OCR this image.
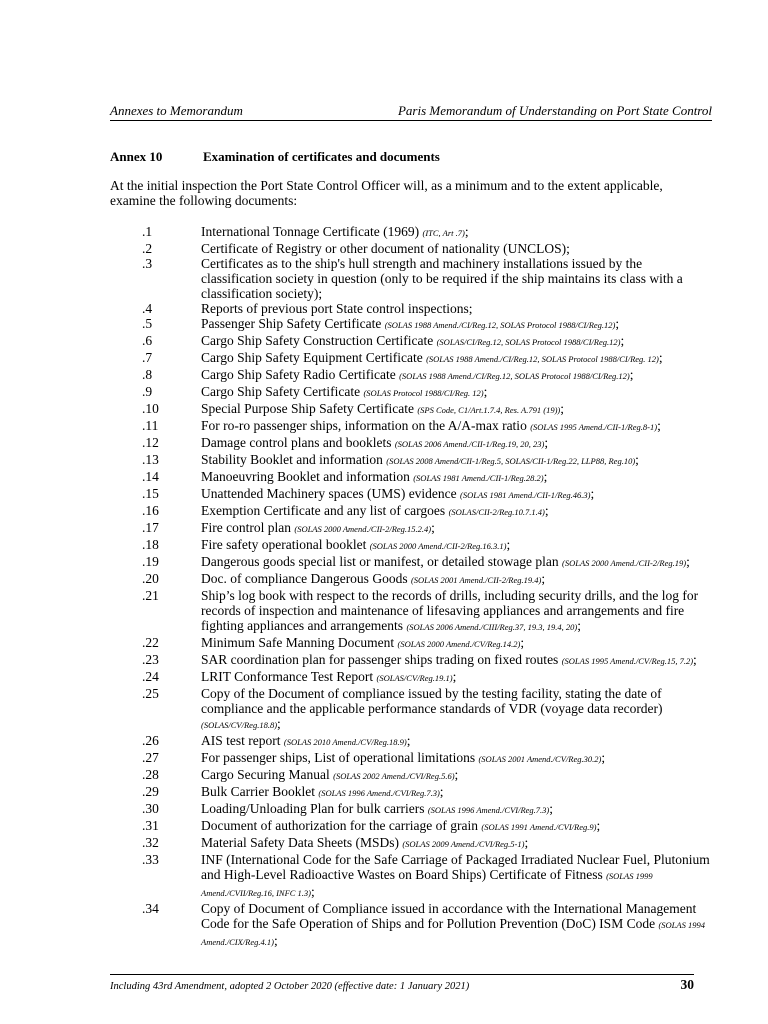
Annexes to Memorandum	Paris Memorandum of Understanding on Port State Control
Annex 10	Examination of certificates and documents
At the initial inspection the Port State Control Officer will, as a minimum and to the extent applicable, examine the following documents:
.1	International Tonnage Certificate (1969) (ITC, Art .7);
.2	Certificate of Registry or other document of nationality (UNCLOS);
.3	Certificates as to the ship's hull strength and machinery installations issued by the classification society in question (only to be required if the ship maintains its class with a classification society);
.4	Reports of previous port State control inspections;
.5	Passenger Ship Safety Certificate (SOLAS 1988 Amend./CI/Reg.12, SOLAS Protocol 1988/CI/Reg.12);
.6	Cargo Ship Safety Construction Certificate (SOLAS/CI/Reg.12, SOLAS Protocol 1988/CI/Reg.12);
.7	Cargo Ship Safety Equipment Certificate (SOLAS 1988 Amend./CI/Reg.12, SOLAS Protocol 1988/CI/Reg. 12);
.8	Cargo Ship Safety Radio Certificate (SOLAS 1988 Amend./CI/Reg.12, SOLAS Protocol 1988/CI/Reg.12);
.9	Cargo Ship Safety Certificate (SOLAS Protocol 1988/CI/Reg. 12);
.10	Special Purpose Ship Safety Certificate (SPS Code, C1/Art.1.7.4, Res. A.791 (19));
.11	For ro-ro passenger ships, information on the A/A-max ratio (SOLAS 1995 Amend./CII-1/Reg.8-1);
.12	Damage control plans and booklets (SOLAS 2006 Amend./CII-1/Reg.19, 20, 23);
.13	Stability Booklet and information (SOLAS 2008 Amend/CII-1/Reg.5, SOLAS/CII-1/Reg.22, LLP88, Reg.10);
.14	Manoeuvring Booklet and information (SOLAS 1981 Amend./CII-1/Reg.28.2);
.15	Unattended Machinery spaces (UMS) evidence (SOLAS 1981 Amend./CII-1/Reg.46.3);
.16	Exemption Certificate and any list of cargoes (SOLAS/CII-2/Reg.10.7.1.4);
.17	Fire control plan (SOLAS 2000 Amend./CII-2/Reg.15.2.4);
.18	Fire safety operational booklet (SOLAS 2000 Amend./CII-2/Reg.16.3.1);
.19	Dangerous goods special list or manifest, or detailed stowage plan (SOLAS 2000 Amend./CII-2/Reg.19);
.20	Doc. of compliance Dangerous Goods (SOLAS 2001 Amend./CII-2/Reg.19.4);
.21	Ship’s log book with respect to the records of drills, including security drills, and the log for records of inspection and maintenance of lifesaving appliances and arrangements and fire fighting appliances and arrangements (SOLAS 2006 Amend./CIII/Reg.37, 19.3, 19.4, 20);
.22	Minimum Safe Manning Document (SOLAS 2000 Amend./CV/Reg.14.2);
.23	SAR coordination plan for passenger ships trading on fixed routes (SOLAS 1995 Amend./CV/Reg.15, 7.2);
.24	LRIT Conformance Test Report (SOLAS/CV/Reg.19.1);
.25	Copy of the Document of compliance issued by the testing facility, stating the date of compliance and the applicable performance standards of VDR (voyage data recorder) (SOLAS/CV/Reg.18.8);
.26	AIS test report (SOLAS 2010 Amend./CV/Reg.18.9);
.27	For passenger ships, List of operational limitations (SOLAS 2001 Amend./CV/Reg.30.2);
.28	Cargo Securing Manual (SOLAS 2002 Amend./CVI/Reg.5.6);
.29	Bulk Carrier Booklet (SOLAS 1996 Amend./CVI/Reg.7.3);
.30	Loading/Unloading Plan for bulk carriers (SOLAS 1996 Amend./CVI/Reg.7.3);
.31	Document of authorization for the carriage of grain (SOLAS 1991 Amend./CVI/Reg.9);
.32	Material Safety Data Sheets (MSDs) (SOLAS 2009 Amend./CVI/Reg.5-1);
.33	INF (International Code for the Safe Carriage of Packaged Irradiated Nuclear Fuel, Plutonium and High-Level Radioactive Wastes on Board Ships) Certificate of Fitness (SOLAS 1999 Amend./CVII/Reg.16, INFC 1.3);
.34	Copy of Document of Compliance issued in accordance with the International Management Code for the Safe Operation of Ships and for Pollution Prevention (DoC) ISM Code (SOLAS 1994 Amend./CIX/Reg.4.1);
Including 43rd Amendment, adopted 2 October 2020 (effective date: 1 January 2021)	30
